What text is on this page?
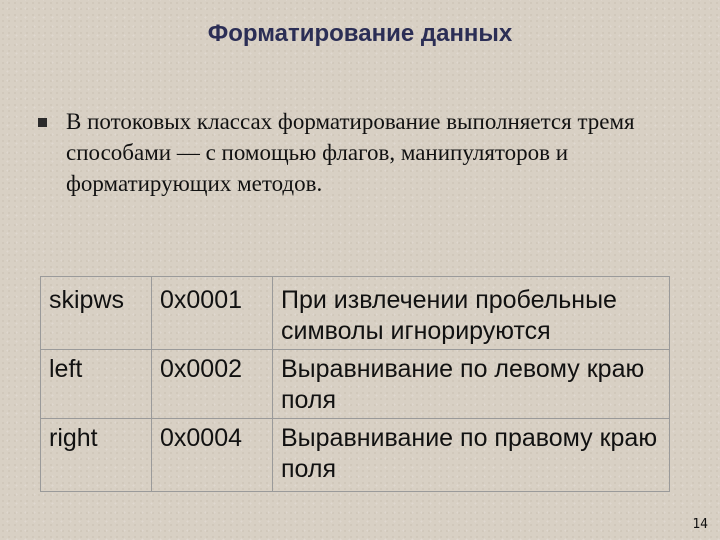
Форматирование данных

В потоковых классах форматирование выполняется тремя способами — с помощью флагов, манипуляторов и форматирующих методов.

skipws	0x0001	При извлечении пробельные символы игнорируются
left	0x0002	Выравнивание по левому краю поля
right	0x0004	Выравнивание по правому краю поля
14
